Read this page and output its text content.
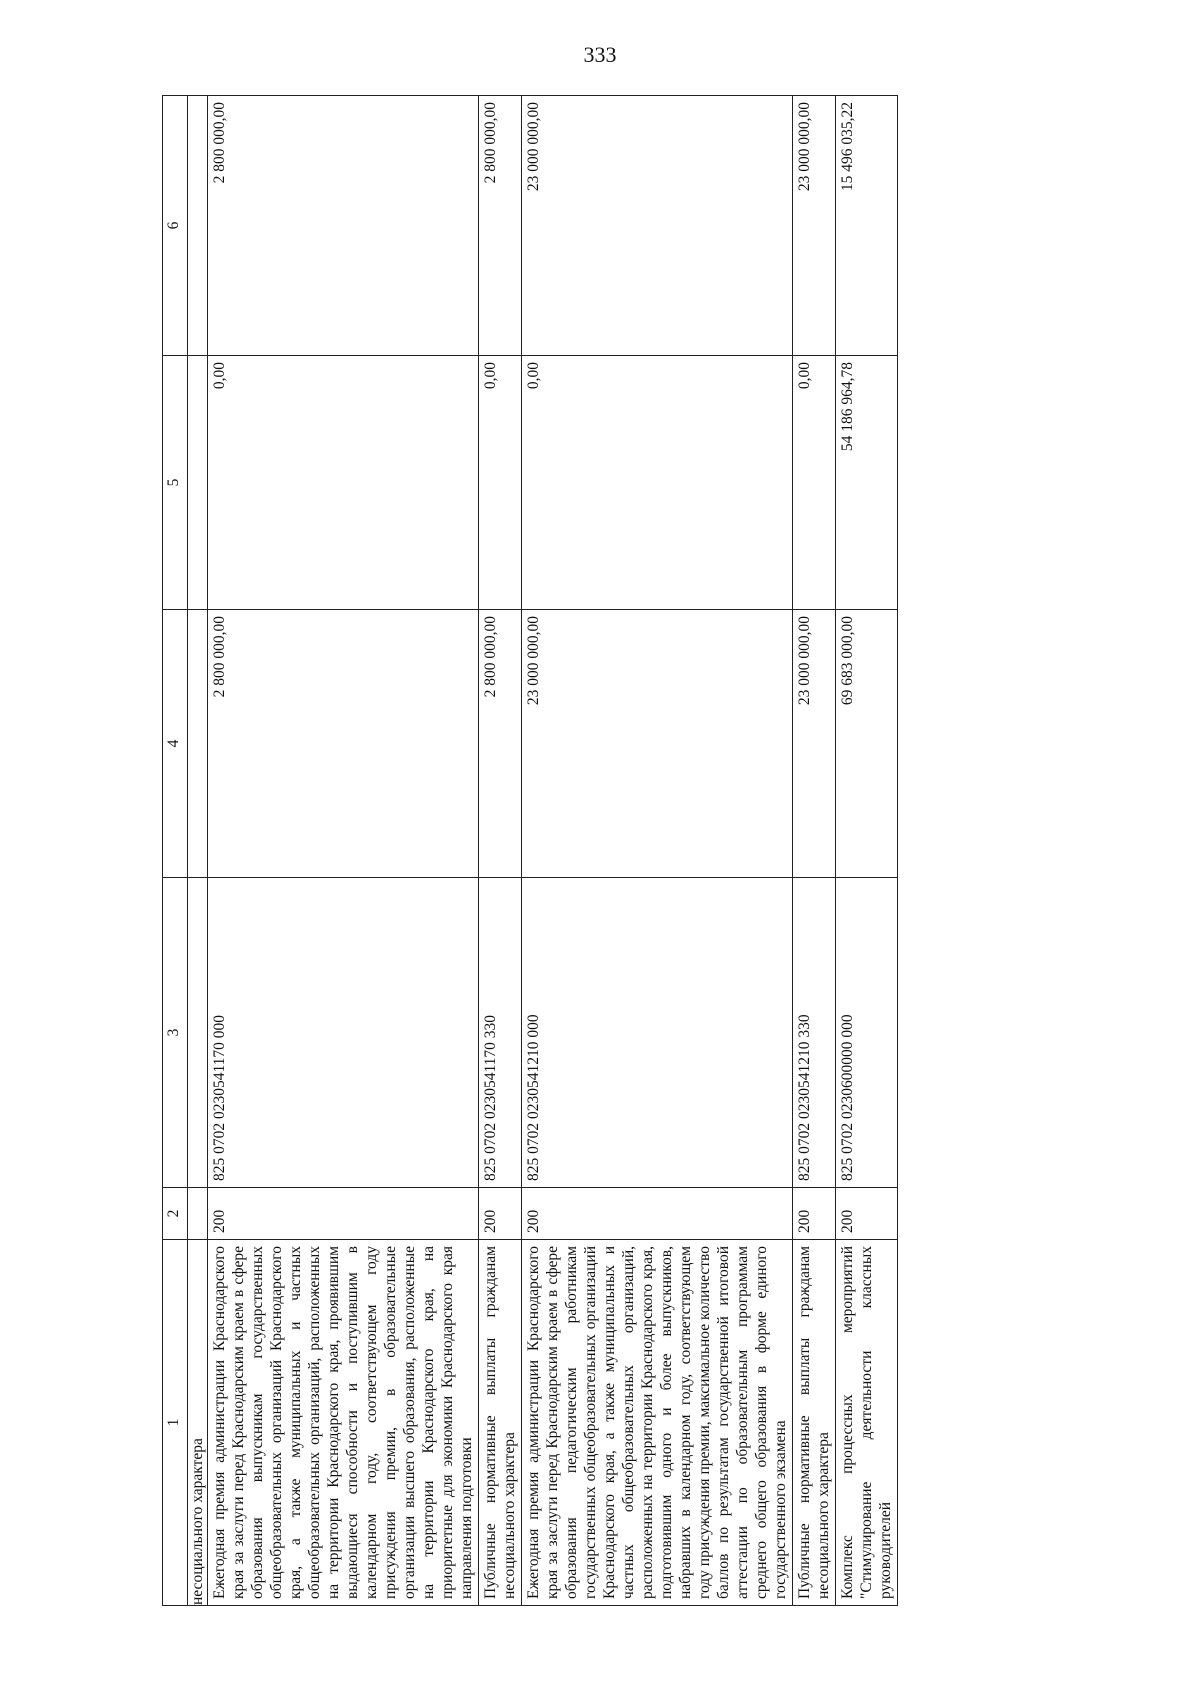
333
1	2	3	4	5	6
несоциального характера					
Ежегодная премия администрации Краснодарского края за заслуги перед Краснодарским краем в сфере образования выпускникам государственных общеобразовательных организаций Краснодарского края, а также муниципальных и частных общеобразовательных организаций, расположенных на территории Краснодарского края, проявившим выдающиеся способности и поступившим в календарном году, соответствующем году присуждения премии, в образовательные организации высшего образования, расположенные на территории Краснодарского края, на приоритетные для экономики Краснодарского края направления подготовки	200	825 0702 0230541170 000	2 800 000,00	0,00	2 800 000,00
Публичные нормативные выплаты гражданам несоциального характера	200	825 0702 0230541170 330	2 800 000,00	0,00	2 800 000,00
Ежегодная премия администрации Краснодарского края за заслуги перед Краснодарским краем в сфере образования педагогическим работникам государственных общеобразовательных организаций Краснодарского края, а также муниципальных и частных общеобразовательных организаций, расположенных на территории Краснодарского края, подготовившим одного и более выпускников, набравших в календарном году, соответствующем году присуждения премии, максимальное количество баллов по результатам государственной итоговой аттестации по образовательным программам среднего общего образования в форме единого государственного экзамена	200	825 0702 0230541210 000	23 000 000,00	0,00	23 000 000,00
Публичные нормативные выплаты гражданам несоциального характера	200	825 0702 0230541210 330	23 000 000,00	0,00	23 000 000,00
Комплекс процессных мероприятий "Стимулирование деятельности классных руководителей	200	825 0702 0230600000 000	69 683 000,00	54 186 964,78	15 496 035,22
